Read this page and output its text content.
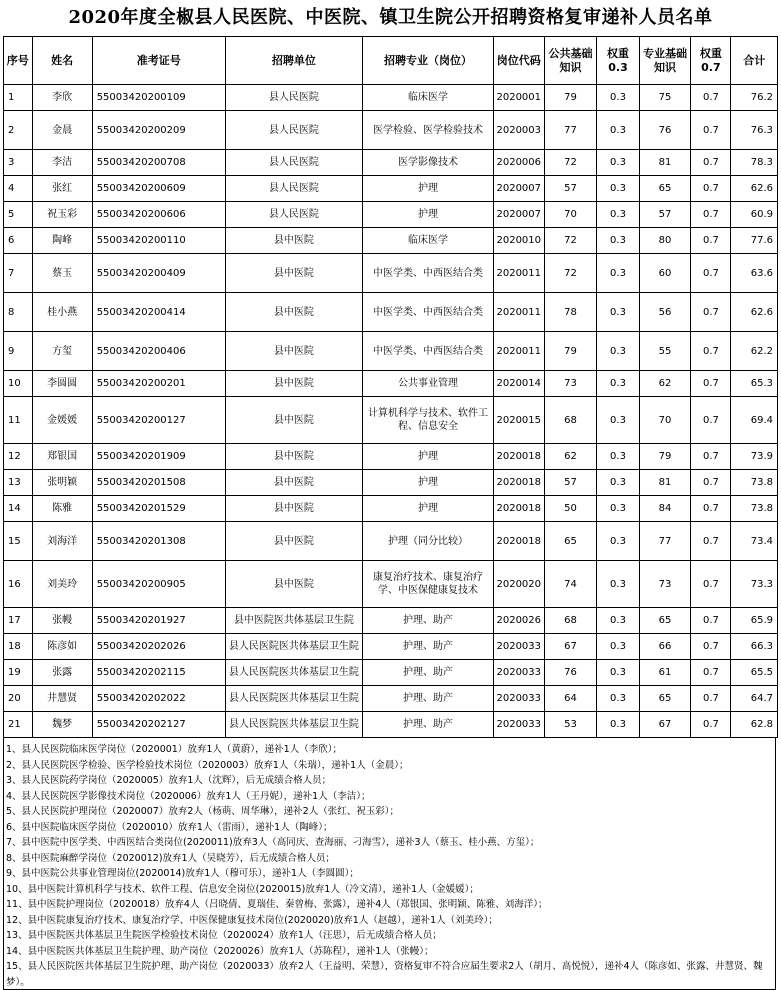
2020年度全椒县人民医院、中医院、镇卫生院公开招聘资格复审递补人员名单
序号	姓名	准考证号	招聘单位	招聘专业（岗位）	岗位代码	公共基础知识	权重0.3	专业基础知识	权重0.7	合计
1	李欣	55003420200109	县人民医院	临床医学	2020001	79	0.3	75	0.7	76.2
2	金晨	55003420200209	县人民医院	医学检验、医学检验技术	2020003	77	0.3	76	0.7	76.3
3	李洁	55003420200708	县人民医院	医学影像技术	2020006	72	0.3	81	0.7	78.3
4	张红	55003420200609	县人民医院	护理	2020007	57	0.3	65	0.7	62.6
5	祝玉彩	55003420200606	县人民医院	护理	2020007	70	0.3	57	0.7	60.9
6	陶峰	55003420200110	县中医院	临床医学	2020010	72	0.3	80	0.7	77.6
7	蔡玉	55003420200409	县中医院	中医学类、中西医结合类	2020011	72	0.3	60	0.7	63.6
8	桂小燕	55003420200414	县中医院	中医学类、中西医结合类	2020011	78	0.3	56	0.7	62.6
9	方玺	55003420200406	县中医院	中医学类、中西医结合类	2020011	79	0.3	55	0.7	62.2
10	李圆圆	55003420200201	县中医院	公共事业管理	2020014	73	0.3	62	0.7	65.3
11	金媛媛	55003420200127	县中医院	计算机科学与技术、软件工程、信息安全	2020015	68	0.3	70	0.7	69.4
12	郑银国	55003420201909	县中医院	护理	2020018	62	0.3	79	0.7	73.9
13	张明颖	55003420201508	县中医院	护理	2020018	57	0.3	81	0.7	73.8
14	陈雅	55003420201529	县中医院	护理	2020018	50	0.3	84	0.7	73.8
15	刘海洋	55003420201308	县中医院	护理（同分比较）	2020018	65	0.3	77	0.7	73.4
16	刘美玲	55003420200905	县中医院	康复治疗技术、康复治疗学、中医保健康复技术	2020020	74	0.3	73	0.7	73.3
17	张幔	55003420201927	县中医院医共体基层卫生院	护理、助产	2020026	68	0.3	65	0.7	65.9
18	陈彦如	55003420202026	县人民医院医共体基层卫生院	护理、助产	2020033	67	0.3	66	0.7	66.3
19	张露	55003420202115	县人民医院医共体基层卫生院	护理、助产	2020033	76	0.3	61	0.7	65.5
20	井慧贤	55003420202022	县人民医院医共体基层卫生院	护理、助产	2020033	64	0.3	65	0.7	64.7
21	魏梦	55003420202127	县人民医院医共体基层卫生院	护理、助产	2020033	53	0.3	67	0.7	62.8
1、县人民医院临床医学岗位（2020001）放弃1人（黄蔚），递补1人（李欣）；
2、县人民医院医学检验、医学检验技术岗位（2020003）放弃1人（朱瑞），递补1人（金晨）；
3、县人民医院药学岗位（2020005）放弃1人（沈辉），后无成绩合格人员；
4、县人民医院医学影像技术岗位（2020006）放弃1人（王丹妮），递补1人（李洁）；
5、县人民医院护理岗位（2020007）放弃2人（杨萌、周华琳），递补2人（张红、祝玉彩）；
6、县中医院临床医学岗位（2020010）放弃1人（雷雨），递补1人（陶峰）；
7、县中医院中医学类、中西医结合类岗位(2020011)放弃3人（高同庆、查海丽、刁海雪），递补3人（蔡玉、桂小燕、方玺）；
8、县中医院麻醉学岗位（2020012)放弃1人（吴晓芳），后无成绩合格人员；
9、县中医院公共事业管理岗位(2020014)放弃1人（穆可乐），递补1人（李圆圆）；
10、县中医院计算机科学与技术、软件工程、信息安全岗位(2020015)放弃1人（冷文清），递补1人（金媛媛）；
11、县中医院护理岗位（2020018）放弃4人（吕晓倩、夏瑞佳、秦曾梅、张露），递补4人（郑银国、张明颖、陈雅、刘海洋）；
12、县中医院康复治疗技术、康复治疗学、中医保健康复技术岗位(2020020)放弃1人（赵越），递补1人（刘美玲）；
13、县中医院医共体基层卫生院医学检验技术岗位（2020024）放弃1人（汪思），后无成绩合格人员；
14、县中医院医共体基层卫生院护理、助产岗位（2020026）放弃1人（苏陈程），递补1人（张幔）；
15、县人民医院医共体基层卫生院护理、助产岗位（2020033）放弃2人（王益明、荣慧），资格复审不符合应届生要求2人（胡月、高悦悦），递补4人（陈彦如、张露、井慧贤、魏梦）。
